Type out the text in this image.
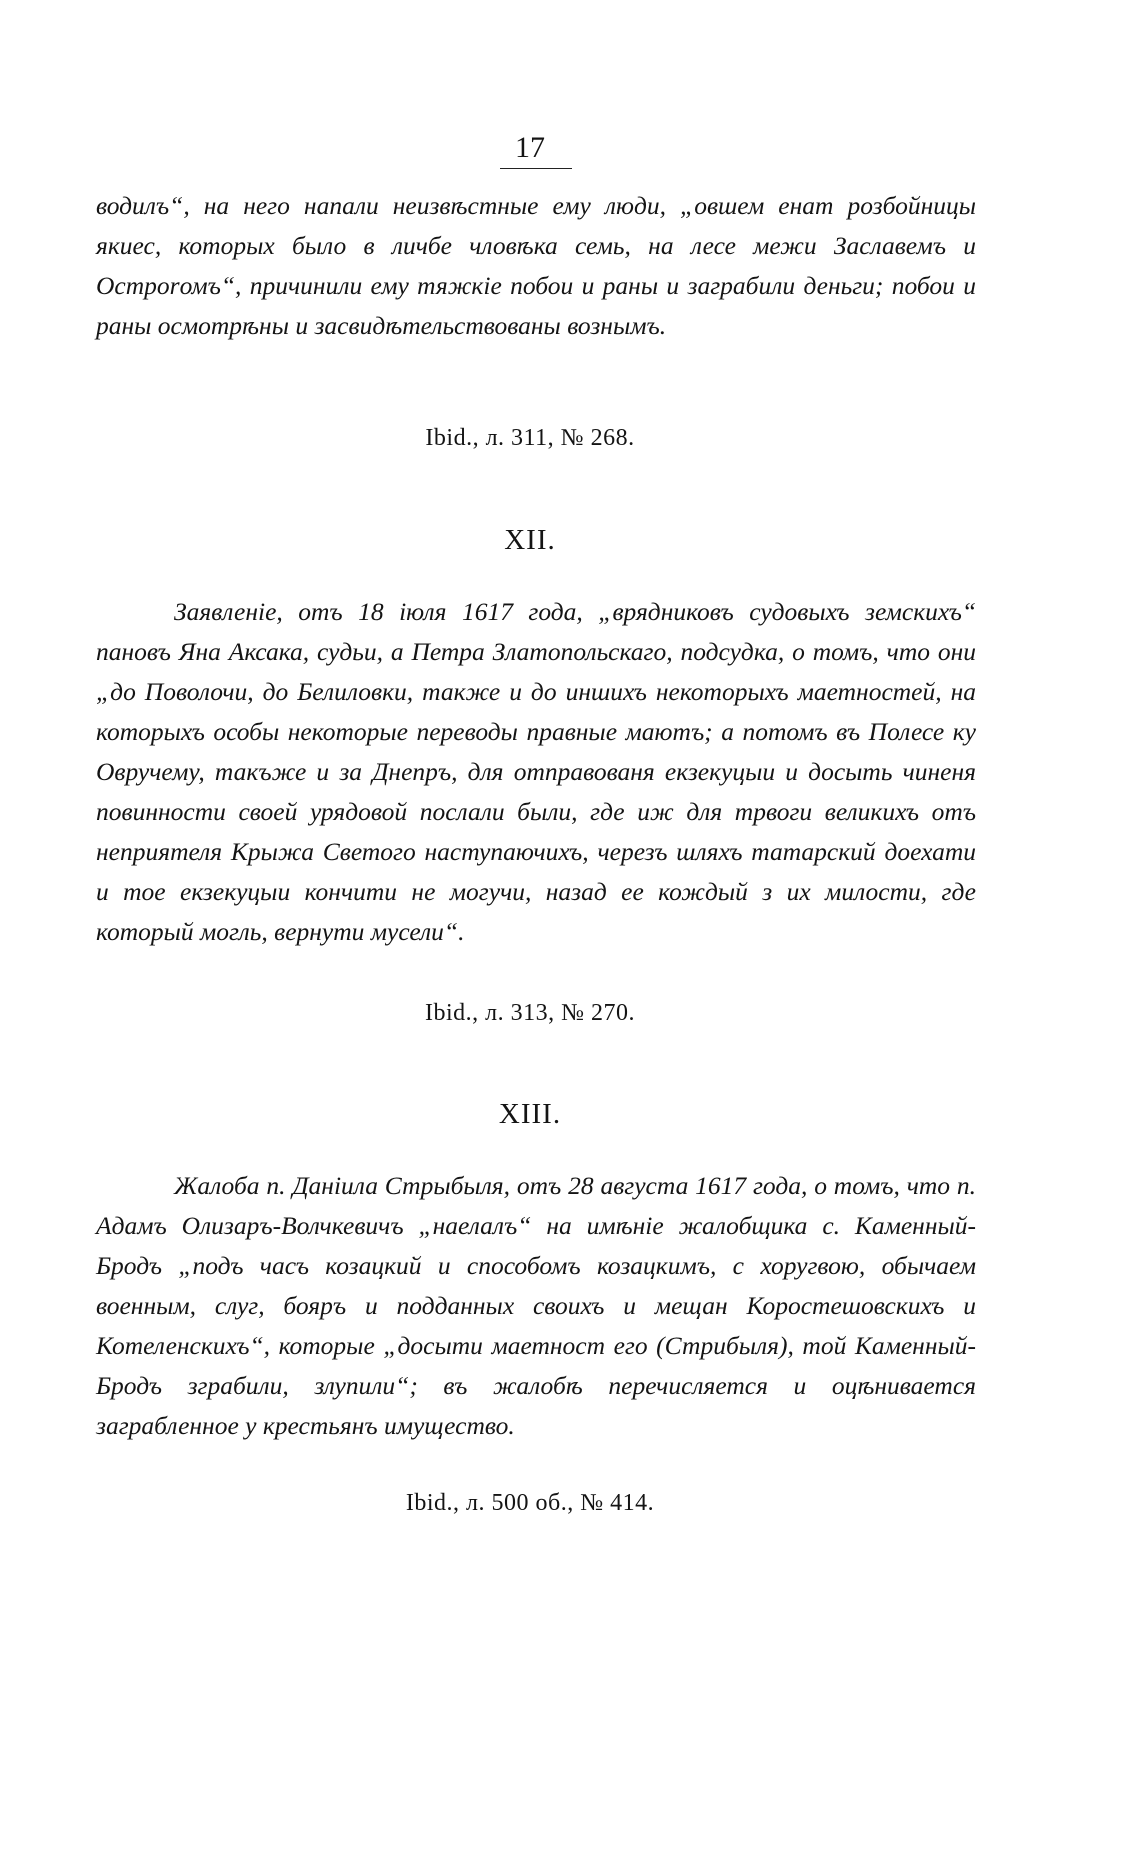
17

водилъ“, на него напали неизвѣстные ему люди, „овшем енат розбойницы якиес, которых было в личбе чловѣка семь, на лесе межи Заславемъ и Остроrомъ“, причинили ему тяжкіе побои и раны и заграбили деньги; побои и раны осмотрѣны и засвидѣтельствованы вознымъ.

Ibid., л. 311, № 268.
XII.

Заявленіе, отъ 18 іюля 1617 года, „врядниковъ судовыхъ земскихъ“ пановъ Яна Аксака, судьи, а Петра Златопольскаго, подсудка, о томъ, что они „до Поволочи, до Белиловки, также и до иншихъ некоторыхъ маетностей, на которыхъ особы некоторые переводы правные маютъ; а потомъ въ Полесе ку Овручему, такъже и за Днепръ, для отправованя екзекуцыи и досыть чиненя повинности своей урядовой послали были, где иж для трвоги великихъ отъ неприятеля Крыжа Светого наступаючихъ, черезъ шляхъ татарский доехати и тое екзекуцыи кончити не могучи, назад ее кождый з их милости, где который могль, вернути мусели“.

Ibid., л. 313, № 270.
XIII.

Жалоба п. Даніила Стрыбыля, отъ 28 августа 1617 года, о томъ, что п. Адамъ Олизаръ-Волчкевичъ „наелалъ“ на имѣніе жалобщика с. Каменный-Бродъ „подъ часъ козацкий и способомъ козацкимъ, с хоругвою, обычаем военным, слуг, бояръ и подданных своихъ и мещан Коростешовскихъ и Котеленскихъ“, которые „досыти маетност его (Стрибыля), той Каменный-Бродъ зграбили, злупили“; въ жалобѣ перечисляется и оцѣнивается заграбленное у крестьянъ имущество.

Ibid., л. 500 об., № 414.
